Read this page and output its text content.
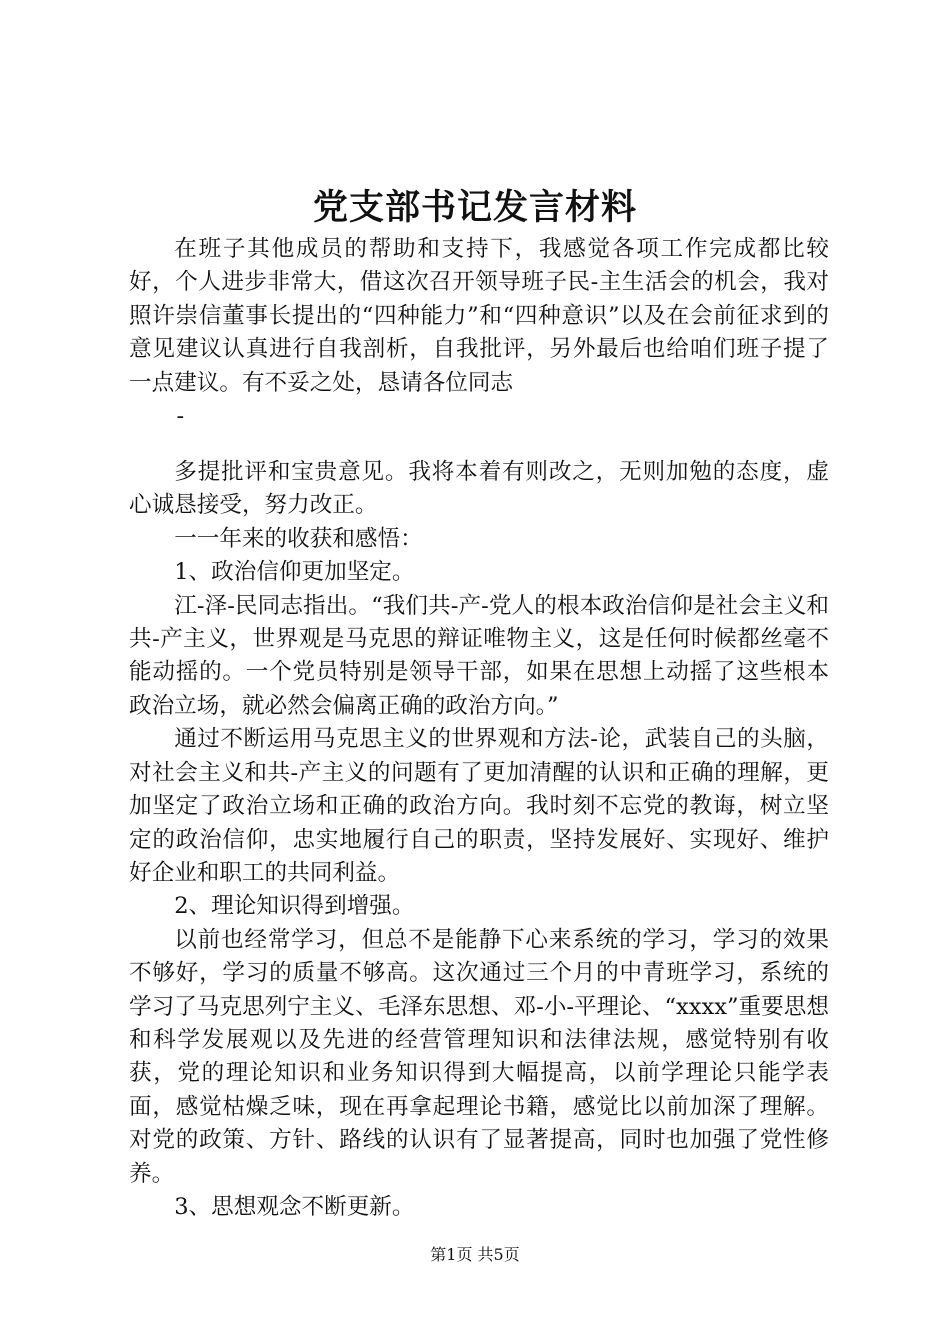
党支部书记发言材料

在班子其他成员的帮助和支持下，我感觉各项工作完成都比较好，个人进步非常大，借这次召开领导班子民-主生活会的机会，我对照许崇信董事长提出的“四种能力”和“四种意识”以及在会前征求到的意见建议认真进行自我剖析，自我批评，另外最后也给咱们班子提了一点建议。有不妥之处，恳请各位同志

-

多提批评和宝贵意见。我将本着有则改之，无则加勉的态度，虚心诚恳接受，努力改正。

一一年来的收获和感悟：

1、政治信仰更加坚定。

江-泽-民同志指出。“我们共-产-党人的根本政治信仰是社会主义和共-产主义，世界观是马克思的辩证唯物主义，这是任何时候都丝毫不能动摇的。一个党员特别是领导干部，如果在思想上动摇了这些根本政治立场，就必然会偏离正确的政治方向。”

通过不断运用马克思主义的世界观和方法-论，武装自己的头脑，对社会主义和共-产主义的问题有了更加清醒的认识和正确的理解，更加坚定了政治立场和正确的政治方向。我时刻不忘党的教诲，树立坚定的政治信仰，忠实地履行自己的职责，坚持发展好、实现好、维护好企业和职工的共同利益。

2、理论知识得到增强。

以前也经常学习，但总不是能静下心来系统的学习，学习的效果不够好，学习的质量不够高。这次通过三个月的中青班学习，系统的学习了马克思列宁主义、毛泽东思想、邓-小-平理论、“xxxx”重要思想和科学发展观以及先进的经营管理知识和法律法规，感觉特别有收获，党的理论知识和业务知识得到大幅提高，以前学理论只能学表面，感觉枯燥乏味，现在再拿起理论书籍，感觉比以前加深了理解。对党的政策、方针、路线的认识有了显著提高，同时也加强了党性修养。

3、思想观念不断更新。

第1页 共5页
